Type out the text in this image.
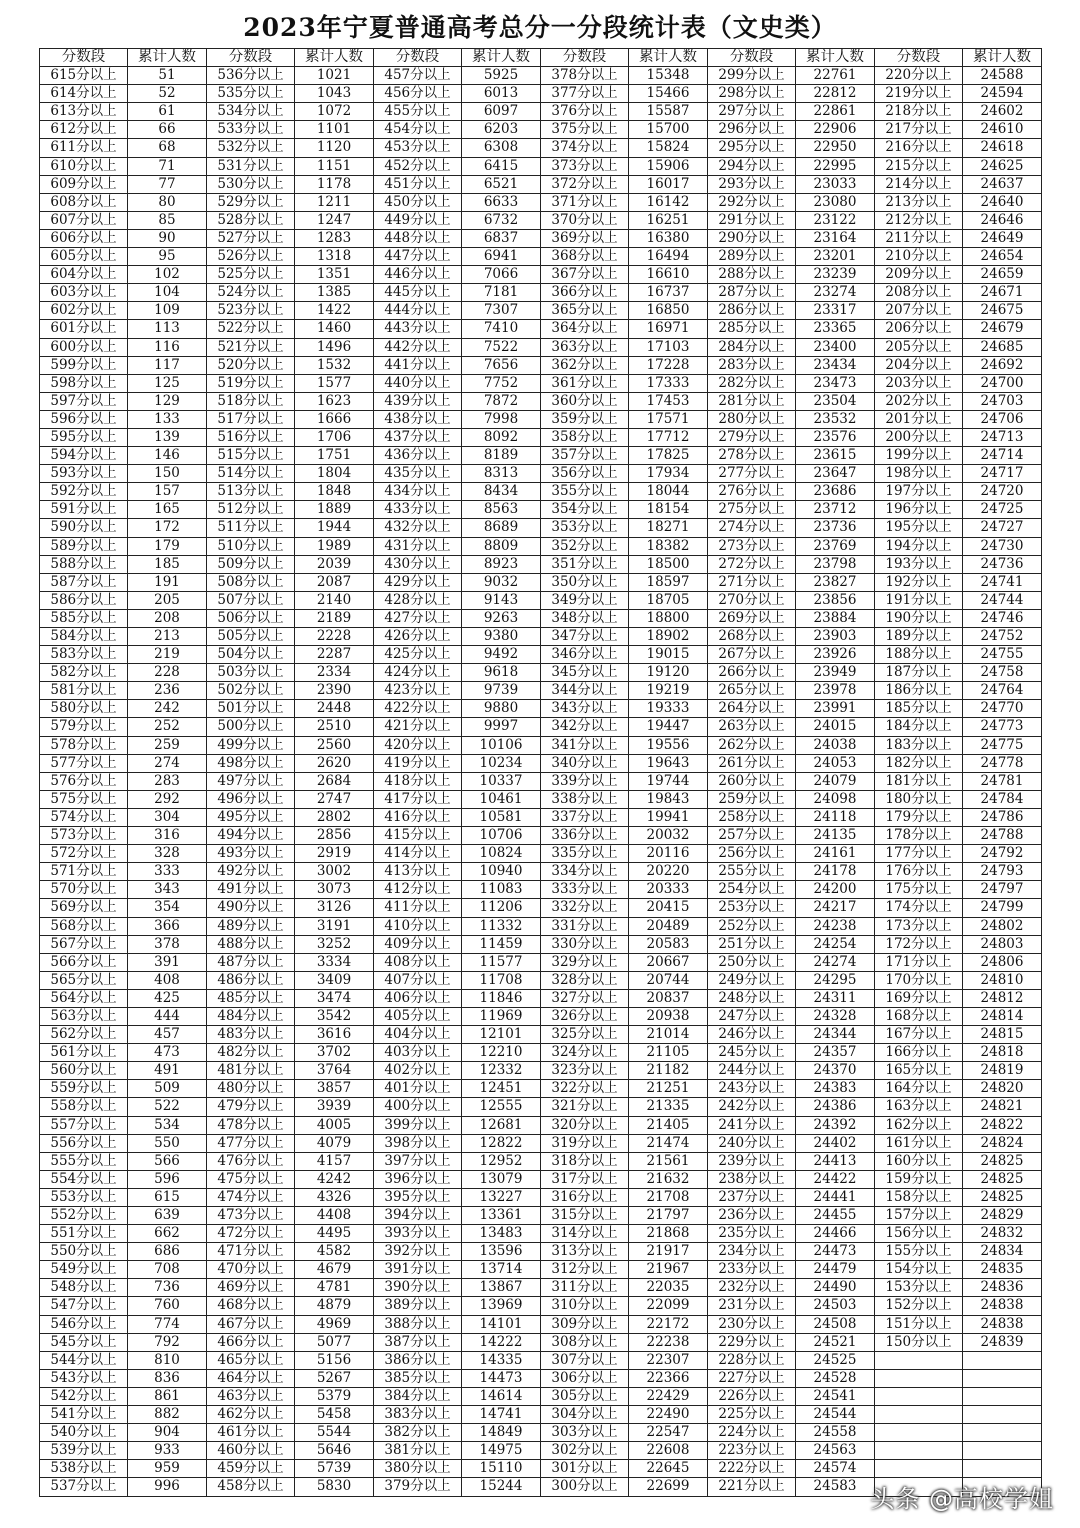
2023年宁夏普通高考总分一分段统计表（文史类）
分数段	累计人数	分数段	累计人数	分数段	累计人数	分数段	累计人数	分数段	累计人数	分数段	累计人数
615分以上	51	536分以上	1021	457分以上	5925	378分以上	15348	299分以上	22761	220分以上	24588
614分以上	52	535分以上	1043	456分以上	6013	377分以上	15466	298分以上	22812	219分以上	24594
613分以上	61	534分以上	1072	455分以上	6097	376分以上	15587	297分以上	22861	218分以上	24602
612分以上	66	533分以上	1101	454分以上	6203	375分以上	15700	296分以上	22906	217分以上	24610
611分以上	68	532分以上	1120	453分以上	6308	374分以上	15824	295分以上	22950	216分以上	24618
610分以上	71	531分以上	1151	452分以上	6415	373分以上	15906	294分以上	22995	215分以上	24625
609分以上	77	530分以上	1178	451分以上	6521	372分以上	16017	293分以上	23033	214分以上	24637
608分以上	80	529分以上	1211	450分以上	6633	371分以上	16142	292分以上	23080	213分以上	24640
607分以上	85	528分以上	1247	449分以上	6732	370分以上	16251	291分以上	23122	212分以上	24646
606分以上	90	527分以上	1283	448分以上	6837	369分以上	16380	290分以上	23164	211分以上	24649
605分以上	95	526分以上	1318	447分以上	6941	368分以上	16494	289分以上	23201	210分以上	24654
604分以上	102	525分以上	1351	446分以上	7066	367分以上	16610	288分以上	23239	209分以上	24659
603分以上	104	524分以上	1385	445分以上	7181	366分以上	16737	287分以上	23274	208分以上	24671
602分以上	109	523分以上	1422	444分以上	7307	365分以上	16850	286分以上	23317	207分以上	24675
601分以上	113	522分以上	1460	443分以上	7410	364分以上	16971	285分以上	23365	206分以上	24679
600分以上	116	521分以上	1496	442分以上	7522	363分以上	17103	284分以上	23400	205分以上	24685
599分以上	117	520分以上	1532	441分以上	7656	362分以上	17228	283分以上	23434	204分以上	24692
598分以上	125	519分以上	1577	440分以上	7752	361分以上	17333	282分以上	23473	203分以上	24700
597分以上	129	518分以上	1623	439分以上	7872	360分以上	17453	281分以上	23504	202分以上	24703
596分以上	133	517分以上	1666	438分以上	7998	359分以上	17571	280分以上	23532	201分以上	24706
595分以上	139	516分以上	1706	437分以上	8092	358分以上	17712	279分以上	23576	200分以上	24713
594分以上	146	515分以上	1751	436分以上	8189	357分以上	17825	278分以上	23615	199分以上	24714
593分以上	150	514分以上	1804	435分以上	8313	356分以上	17934	277分以上	23647	198分以上	24717
592分以上	157	513分以上	1848	434分以上	8434	355分以上	18044	276分以上	23686	197分以上	24720
591分以上	165	512分以上	1889	433分以上	8563	354分以上	18154	275分以上	23712	196分以上	24725
590分以上	172	511分以上	1944	432分以上	8689	353分以上	18271	274分以上	23736	195分以上	24727
589分以上	179	510分以上	1989	431分以上	8809	352分以上	18382	273分以上	23769	194分以上	24730
588分以上	185	509分以上	2039	430分以上	8923	351分以上	18500	272分以上	23798	193分以上	24736
587分以上	191	508分以上	2087	429分以上	9032	350分以上	18597	271分以上	23827	192分以上	24741
586分以上	205	507分以上	2140	428分以上	9143	349分以上	18705	270分以上	23856	191分以上	24744
585分以上	208	506分以上	2189	427分以上	9263	348分以上	18800	269分以上	23884	190分以上	24746
584分以上	213	505分以上	2228	426分以上	9380	347分以上	18902	268分以上	23903	189分以上	24752
583分以上	219	504分以上	2287	425分以上	9492	346分以上	19015	267分以上	23926	188分以上	24755
582分以上	228	503分以上	2334	424分以上	9618	345分以上	19120	266分以上	23949	187分以上	24758
581分以上	236	502分以上	2390	423分以上	9739	344分以上	19219	265分以上	23978	186分以上	24764
580分以上	242	501分以上	2448	422分以上	9880	343分以上	19333	264分以上	23991	185分以上	24770
579分以上	252	500分以上	2510	421分以上	9997	342分以上	19447	263分以上	24015	184分以上	24773
578分以上	259	499分以上	2560	420分以上	10106	341分以上	19556	262分以上	24038	183分以上	24775
577分以上	274	498分以上	2620	419分以上	10234	340分以上	19643	261分以上	24053	182分以上	24778
576分以上	283	497分以上	2684	418分以上	10337	339分以上	19744	260分以上	24079	181分以上	24781
575分以上	292	496分以上	2747	417分以上	10461	338分以上	19843	259分以上	24098	180分以上	24784
574分以上	304	495分以上	2802	416分以上	10581	337分以上	19941	258分以上	24118	179分以上	24786
573分以上	316	494分以上	2856	415分以上	10706	336分以上	20032	257分以上	24135	178分以上	24788
572分以上	328	493分以上	2919	414分以上	10824	335分以上	20116	256分以上	24161	177分以上	24792
571分以上	333	492分以上	3002	413分以上	10940	334分以上	20220	255分以上	24178	176分以上	24793
570分以上	343	491分以上	3073	412分以上	11083	333分以上	20333	254分以上	24200	175分以上	24797
569分以上	354	490分以上	3126	411分以上	11206	332分以上	20415	253分以上	24217	174分以上	24799
568分以上	366	489分以上	3191	410分以上	11332	331分以上	20489	252分以上	24238	173分以上	24802
567分以上	378	488分以上	3252	409分以上	11459	330分以上	20583	251分以上	24254	172分以上	24803
566分以上	391	487分以上	3334	408分以上	11577	329分以上	20667	250分以上	24274	171分以上	24806
565分以上	408	486分以上	3409	407分以上	11708	328分以上	20744	249分以上	24295	170分以上	24810
564分以上	425	485分以上	3474	406分以上	11846	327分以上	20837	248分以上	24311	169分以上	24812
563分以上	444	484分以上	3542	405分以上	11969	326分以上	20938	247分以上	24328	168分以上	24814
562分以上	457	483分以上	3616	404分以上	12101	325分以上	21014	246分以上	24344	167分以上	24815
561分以上	473	482分以上	3702	403分以上	12210	324分以上	21105	245分以上	24357	166分以上	24818
560分以上	491	481分以上	3764	402分以上	12332	323分以上	21182	244分以上	24370	165分以上	24819
559分以上	509	480分以上	3857	401分以上	12451	322分以上	21251	243分以上	24383	164分以上	24820
558分以上	522	479分以上	3939	400分以上	12555	321分以上	21335	242分以上	24386	163分以上	24821
557分以上	534	478分以上	4005	399分以上	12681	320分以上	21405	241分以上	24392	162分以上	24822
556分以上	550	477分以上	4079	398分以上	12822	319分以上	21474	240分以上	24402	161分以上	24824
555分以上	566	476分以上	4157	397分以上	12952	318分以上	21561	239分以上	24413	160分以上	24825
554分以上	596	475分以上	4242	396分以上	13079	317分以上	21632	238分以上	24422	159分以上	24825
553分以上	615	474分以上	4326	395分以上	13227	316分以上	21708	237分以上	24441	158分以上	24825
552分以上	639	473分以上	4408	394分以上	13361	315分以上	21797	236分以上	24455	157分以上	24829
551分以上	662	472分以上	4495	393分以上	13483	314分以上	21868	235分以上	24466	156分以上	24832
550分以上	686	471分以上	4582	392分以上	13596	313分以上	21917	234分以上	24473	155分以上	24834
549分以上	708	470分以上	4679	391分以上	13714	312分以上	21967	233分以上	24479	154分以上	24835
548分以上	736	469分以上	4781	390分以上	13867	311分以上	22035	232分以上	24490	153分以上	24836
547分以上	760	468分以上	4879	389分以上	13969	310分以上	22099	231分以上	24503	152分以上	24838
546分以上	774	467分以上	4969	388分以上	14101	309分以上	22172	230分以上	24508	151分以上	24838
545分以上	792	466分以上	5077	387分以上	14222	308分以上	22238	229分以上	24521	150分以上	24839
544分以上	810	465分以上	5156	386分以上	14335	307分以上	22307	228分以上	24525		
543分以上	836	464分以上	5267	385分以上	14473	306分以上	22366	227分以上	24528		
542分以上	861	463分以上	5379	384分以上	14614	305分以上	22429	226分以上	24541		
541分以上	882	462分以上	5458	383分以上	14741	304分以上	22490	225分以上	24544		
540分以上	904	461分以上	5544	382分以上	14849	303分以上	22547	224分以上	24558		
539分以上	933	460分以上	5646	381分以上	14975	302分以上	22608	223分以上	24563		
538分以上	959	459分以上	5739	380分以上	15110	301分以上	22645	222分以上	24574		
537分以上	996	458分以上	5830	379分以上	15244	300分以上	22699	221分以上	24583		头条 @高校学姐
